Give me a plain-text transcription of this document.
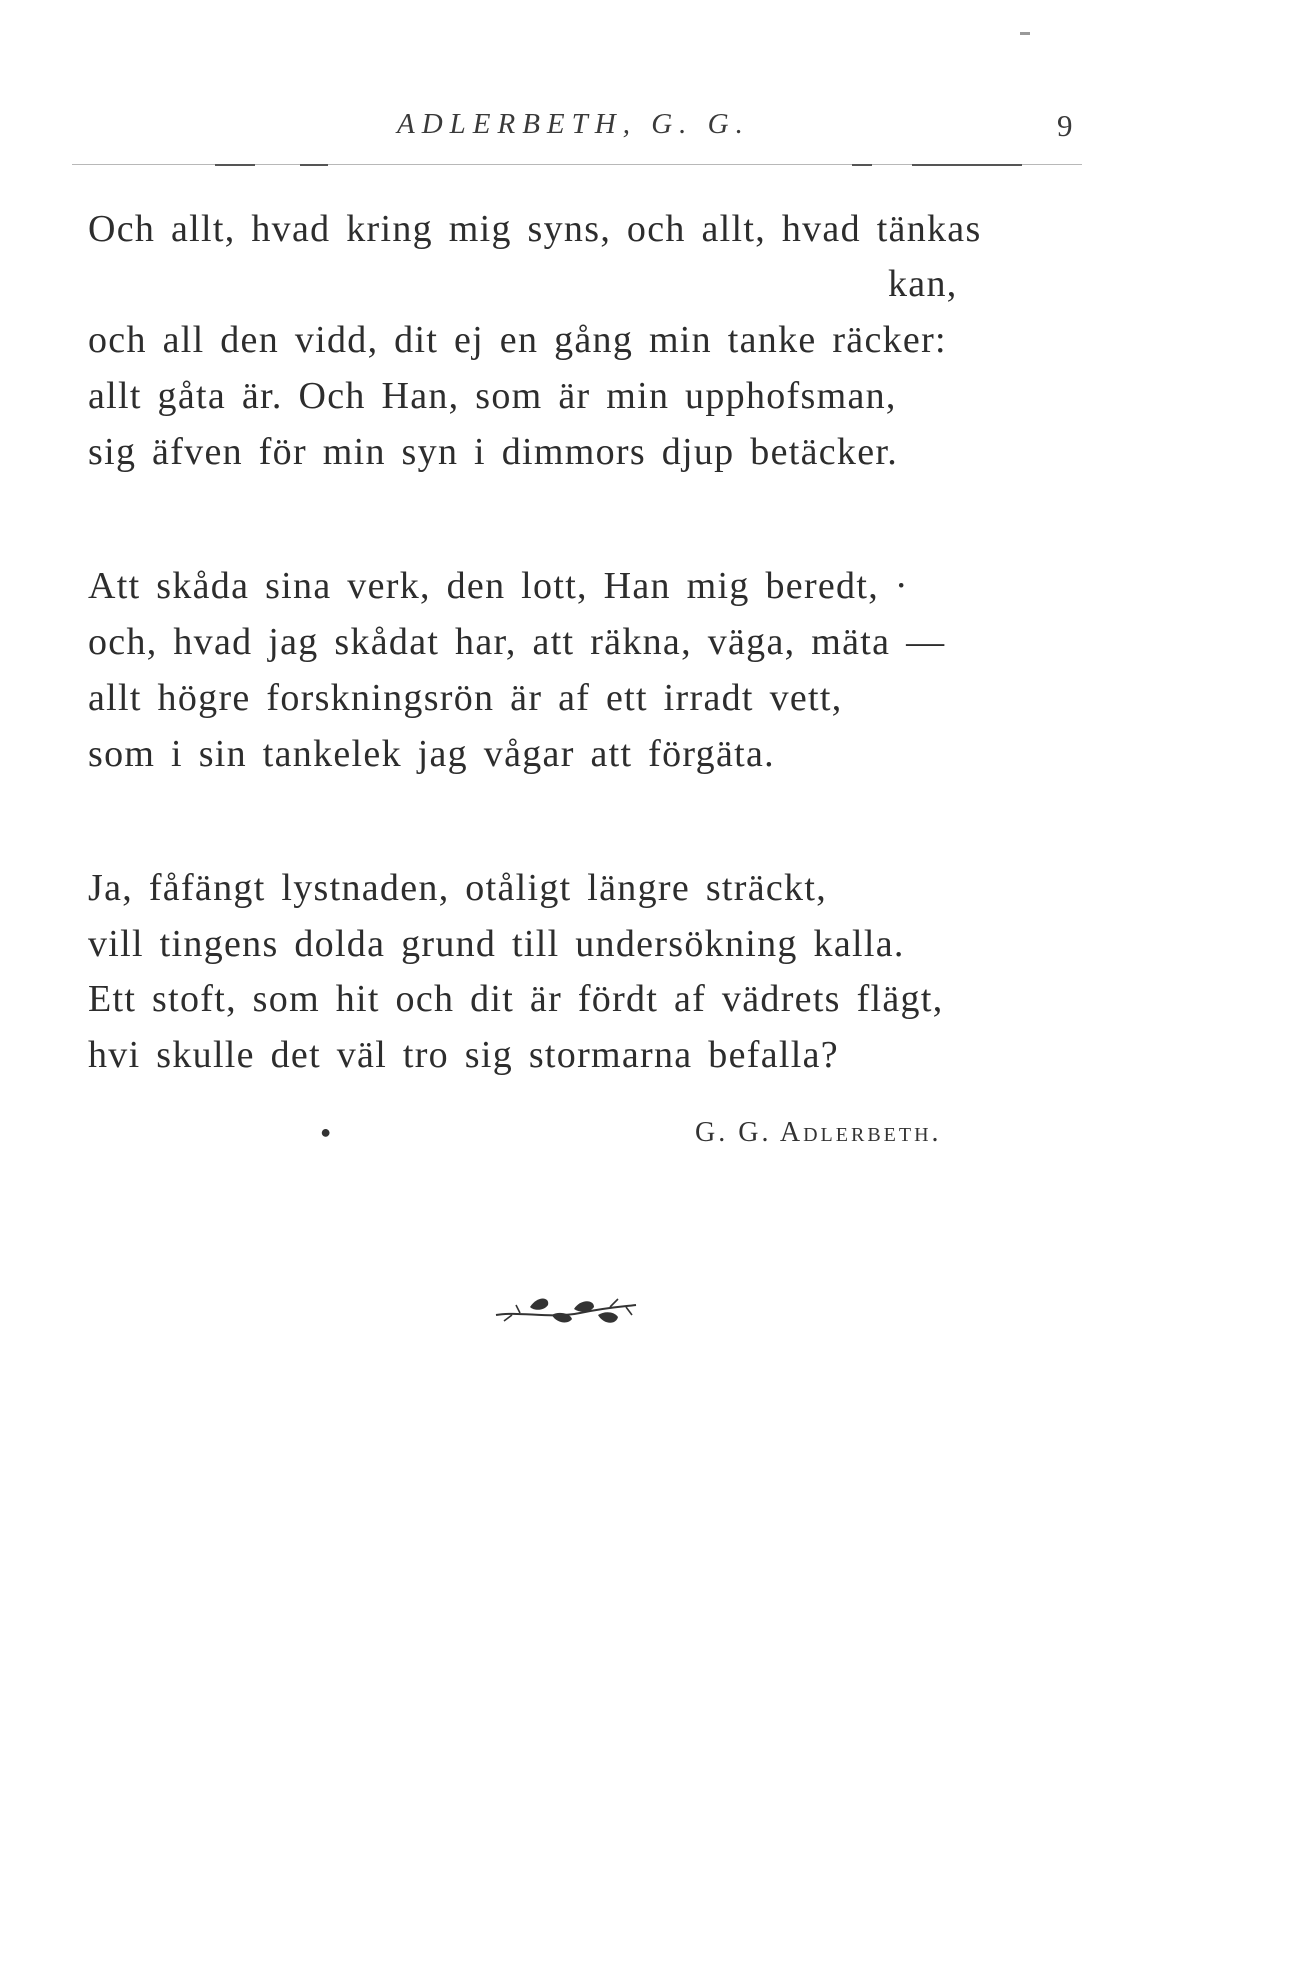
ADLERBETH, G. G.	9
Och allt, hvad kring mig syns, och allt, hvad tänkas
kan,
och all den vidd, dit ej en gång min tanke räcker:
allt gåta är. Och Han, som är min upphofsman,
sig äfven för min syn i dimmors djup betäcker.
Att skåda sina verk, den lott, Han mig beredt, ·
och, hvad jag skådat har, att räkna, väga, mäta —
allt högre forskningsrön är af ett irradt vett,
som i sin tankelek jag vågar att förgäta.
Ja, fåfängt lystnaden, otåligt längre sträckt,
vill tingens dolda grund till undersökning kalla.
Ett stoft, som hit och dit är fördt af vädrets flägt,
hvi skulle det väl tro sig stormarna befalla?
●	G. G. Adlerbeth.
